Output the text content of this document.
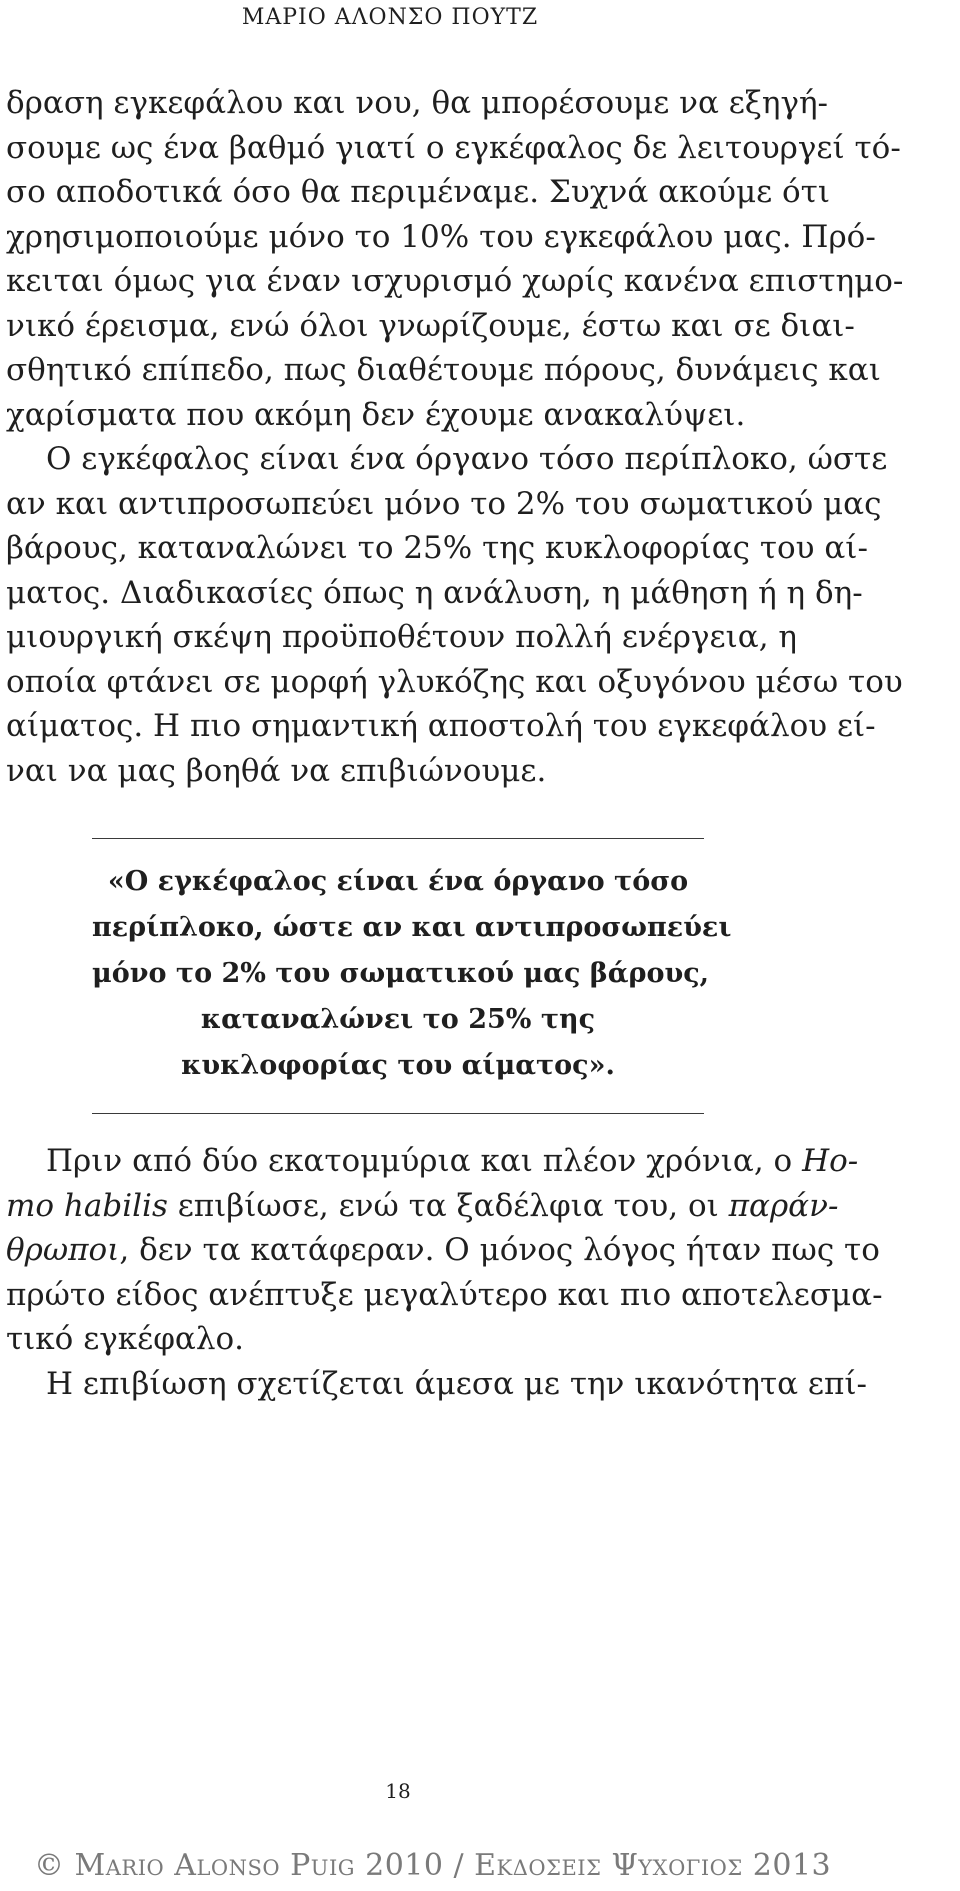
ΜΑΡΙΟ ΑΛΟΝΣΟ ΠΟΥΤΖ
δραση εγκεφάλου και νου, θα μπορέσουμε να εξηγή-
σουμε ως ένα βαθμό γιατί ο εγκέφαλος δε λειτουργεί τό-
σο αποδοτικά όσο θα περιμέναμε. Συχνά ακούμε ότι
χρησιμοποιούμε μόνο το 10% του εγκεφάλου μας. Πρό-
κειται όμως για έναν ισχυρισμό χωρίς κανένα επιστημο-
νικό έρεισμα, ενώ όλοι γνωρίζουμε, έστω και σε διαι-
σθητικό επίπεδο, πως διαθέτουμε πόρους, δυνάμεις και
χαρίσματα που ακόμη δεν έχουμε ανακαλύψει.
Ο εγκέφαλος είναι ένα όργανο τόσο περίπλοκο, ώστε
αν και αντιπροσωπεύει μόνο το 2% του σωματικού μας
βάρους, καταναλώνει το 25% της κυκλοφορίας του αί-
ματος. Διαδικασίες όπως η ανάλυση, η μάθηση ή η δη-
μιουργική σκέψη προϋποθέτουν πολλή ενέργεια, η
οποία φτάνει σε μορφή γλυκόζης και οξυγόνου μέσω του
αίματος. Η πιο σημαντική αποστολή του εγκεφάλου εί-
ναι να μας βοηθά να επιβιώνουμε.
«Ο εγκέφαλος είναι ένα όργανο τόσο
περίπλοκο, ώστε αν και αντιπροσωπεύει
μόνο το 2% του σωματικού μας βάρους,
καταναλώνει το 25% της
κυκλοφορίας του αίματος».
Πριν από δύο εκατομμύρια και πλέον χρόνια, ο Ho-
mo habilis επιβίωσε, ενώ τα ξαδέλφια του, οι παράν-
θρωποι, δεν τα κατάφεραν. Ο μόνος λόγος ήταν πως το
πρώτο είδος ανέπτυξε μεγαλύτερο και πιο αποτελεσμα-
τικό εγκέφαλο.
Η επιβίωση σχετίζεται άμεσα με την ικανότητα επί-
18
© Mario Alonso Puig 2010 / Εκδοσεις Ψυχογιος 2013
